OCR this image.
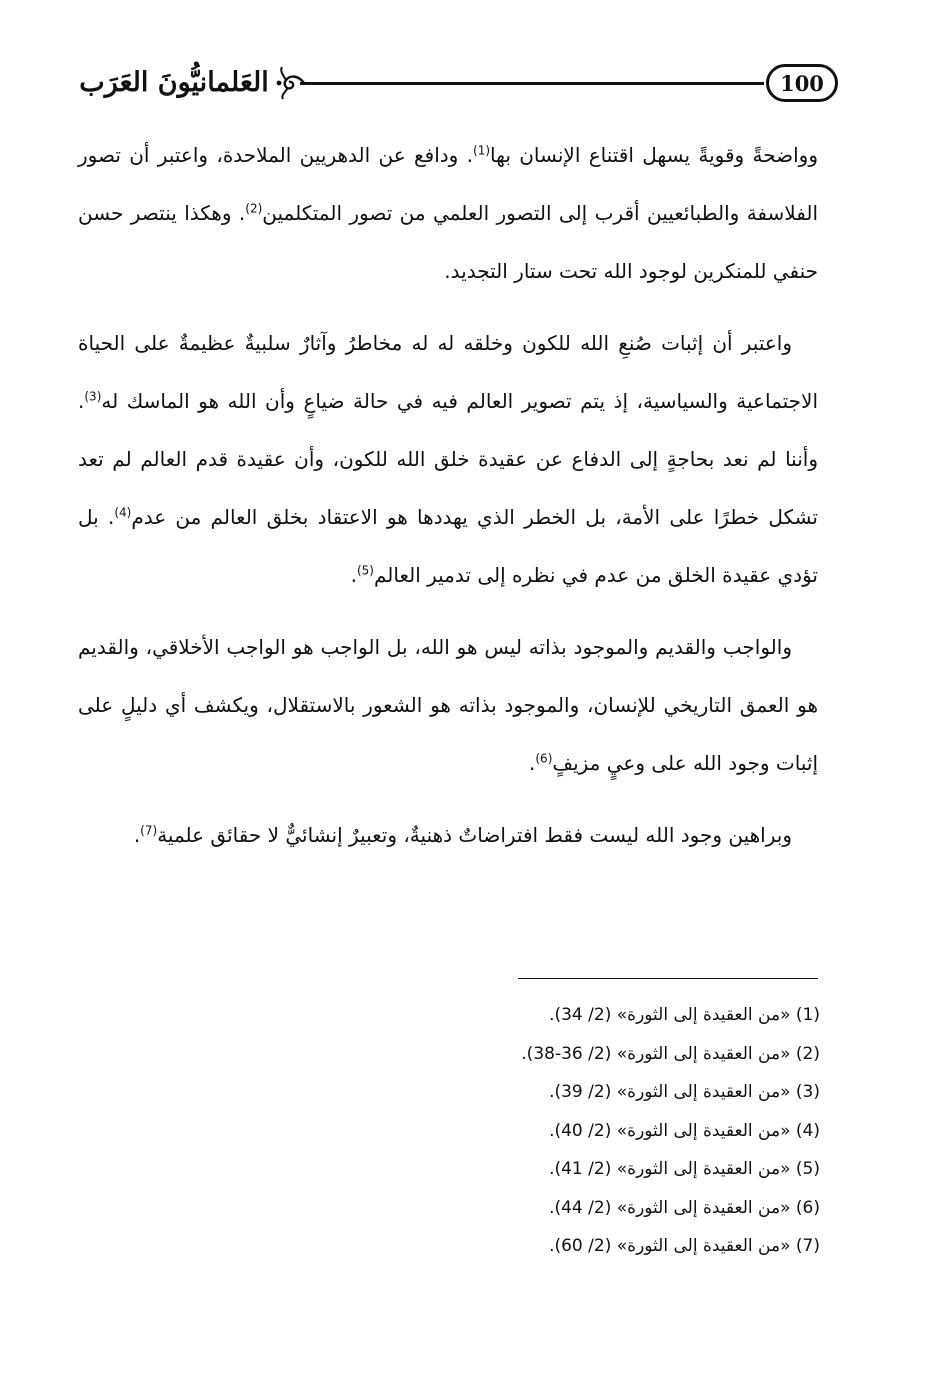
100
العَلمانيُّونَ العَرَب

وواضحةً وقويةً يسهل اقتناع الإنسان بها$^{(1)}$. ودافع عن الدهريين الملاحدة، واعتبر أن تصور الفلاسفة والطبائعيين أقرب إلى التصور العلمي من تصور المتكلمين$^{(2)}$. وهكذا ينتصر حسن حنفي للمنكرين لوجود الله تحت ستار التجديد.

واعتبر أن إثبات صُنعِ الله للكون وخلقه له له مخاطرُ وآثارٌ سلبيةٌ عظيمةٌ على الحياة الاجتماعية والسياسية، إذ يتم تصوير العالم فيه في حالة ضياعٍ وأن الله هو الماسك له$^{(3)}$. وأننا لم نعد بحاجةٍ إلى الدفاع عن عقيدة خلق الله للكون، وأن عقيدة قدم العالم لم تعد تشكل خطرًا على الأمة، بل الخطر الذي يهددها هو الاعتقاد بخلق العالم من عدم$^{(4)}$. بل تؤدي عقيدة الخلق من عدم في نظره إلى تدمير العالم$^{(5)}$.

والواجب والقديم والموجود بذاته ليس هو الله، بل الواجب هو الواجب الأخلاقي، والقديم هو العمق التاريخي للإنسان، والموجود بذاته هو الشعور بالاستقلال، ويكشف أي دليلٍ على إثبات وجود الله على وعيٍ مزيفٍ$^{(6)}$.

وبراهين وجود الله ليست فقط افتراضاتٌ ذهنيةٌ، وتعبيرٌ إنشائيٌّ لا حقائق علمية$^{(7)}$.

(1) «من العقيدة إلى الثورة» (2/ 34).
(2) «من العقيدة إلى الثورة» (2/ 36-38).
(3) «من العقيدة إلى الثورة» (2/ 39).
(4) «من العقيدة إلى الثورة» (2/ 40).
(5) «من العقيدة إلى الثورة» (2/ 41).
(6) «من العقيدة إلى الثورة» (2/ 44).
(7) «من العقيدة إلى الثورة» (2/ 60).
